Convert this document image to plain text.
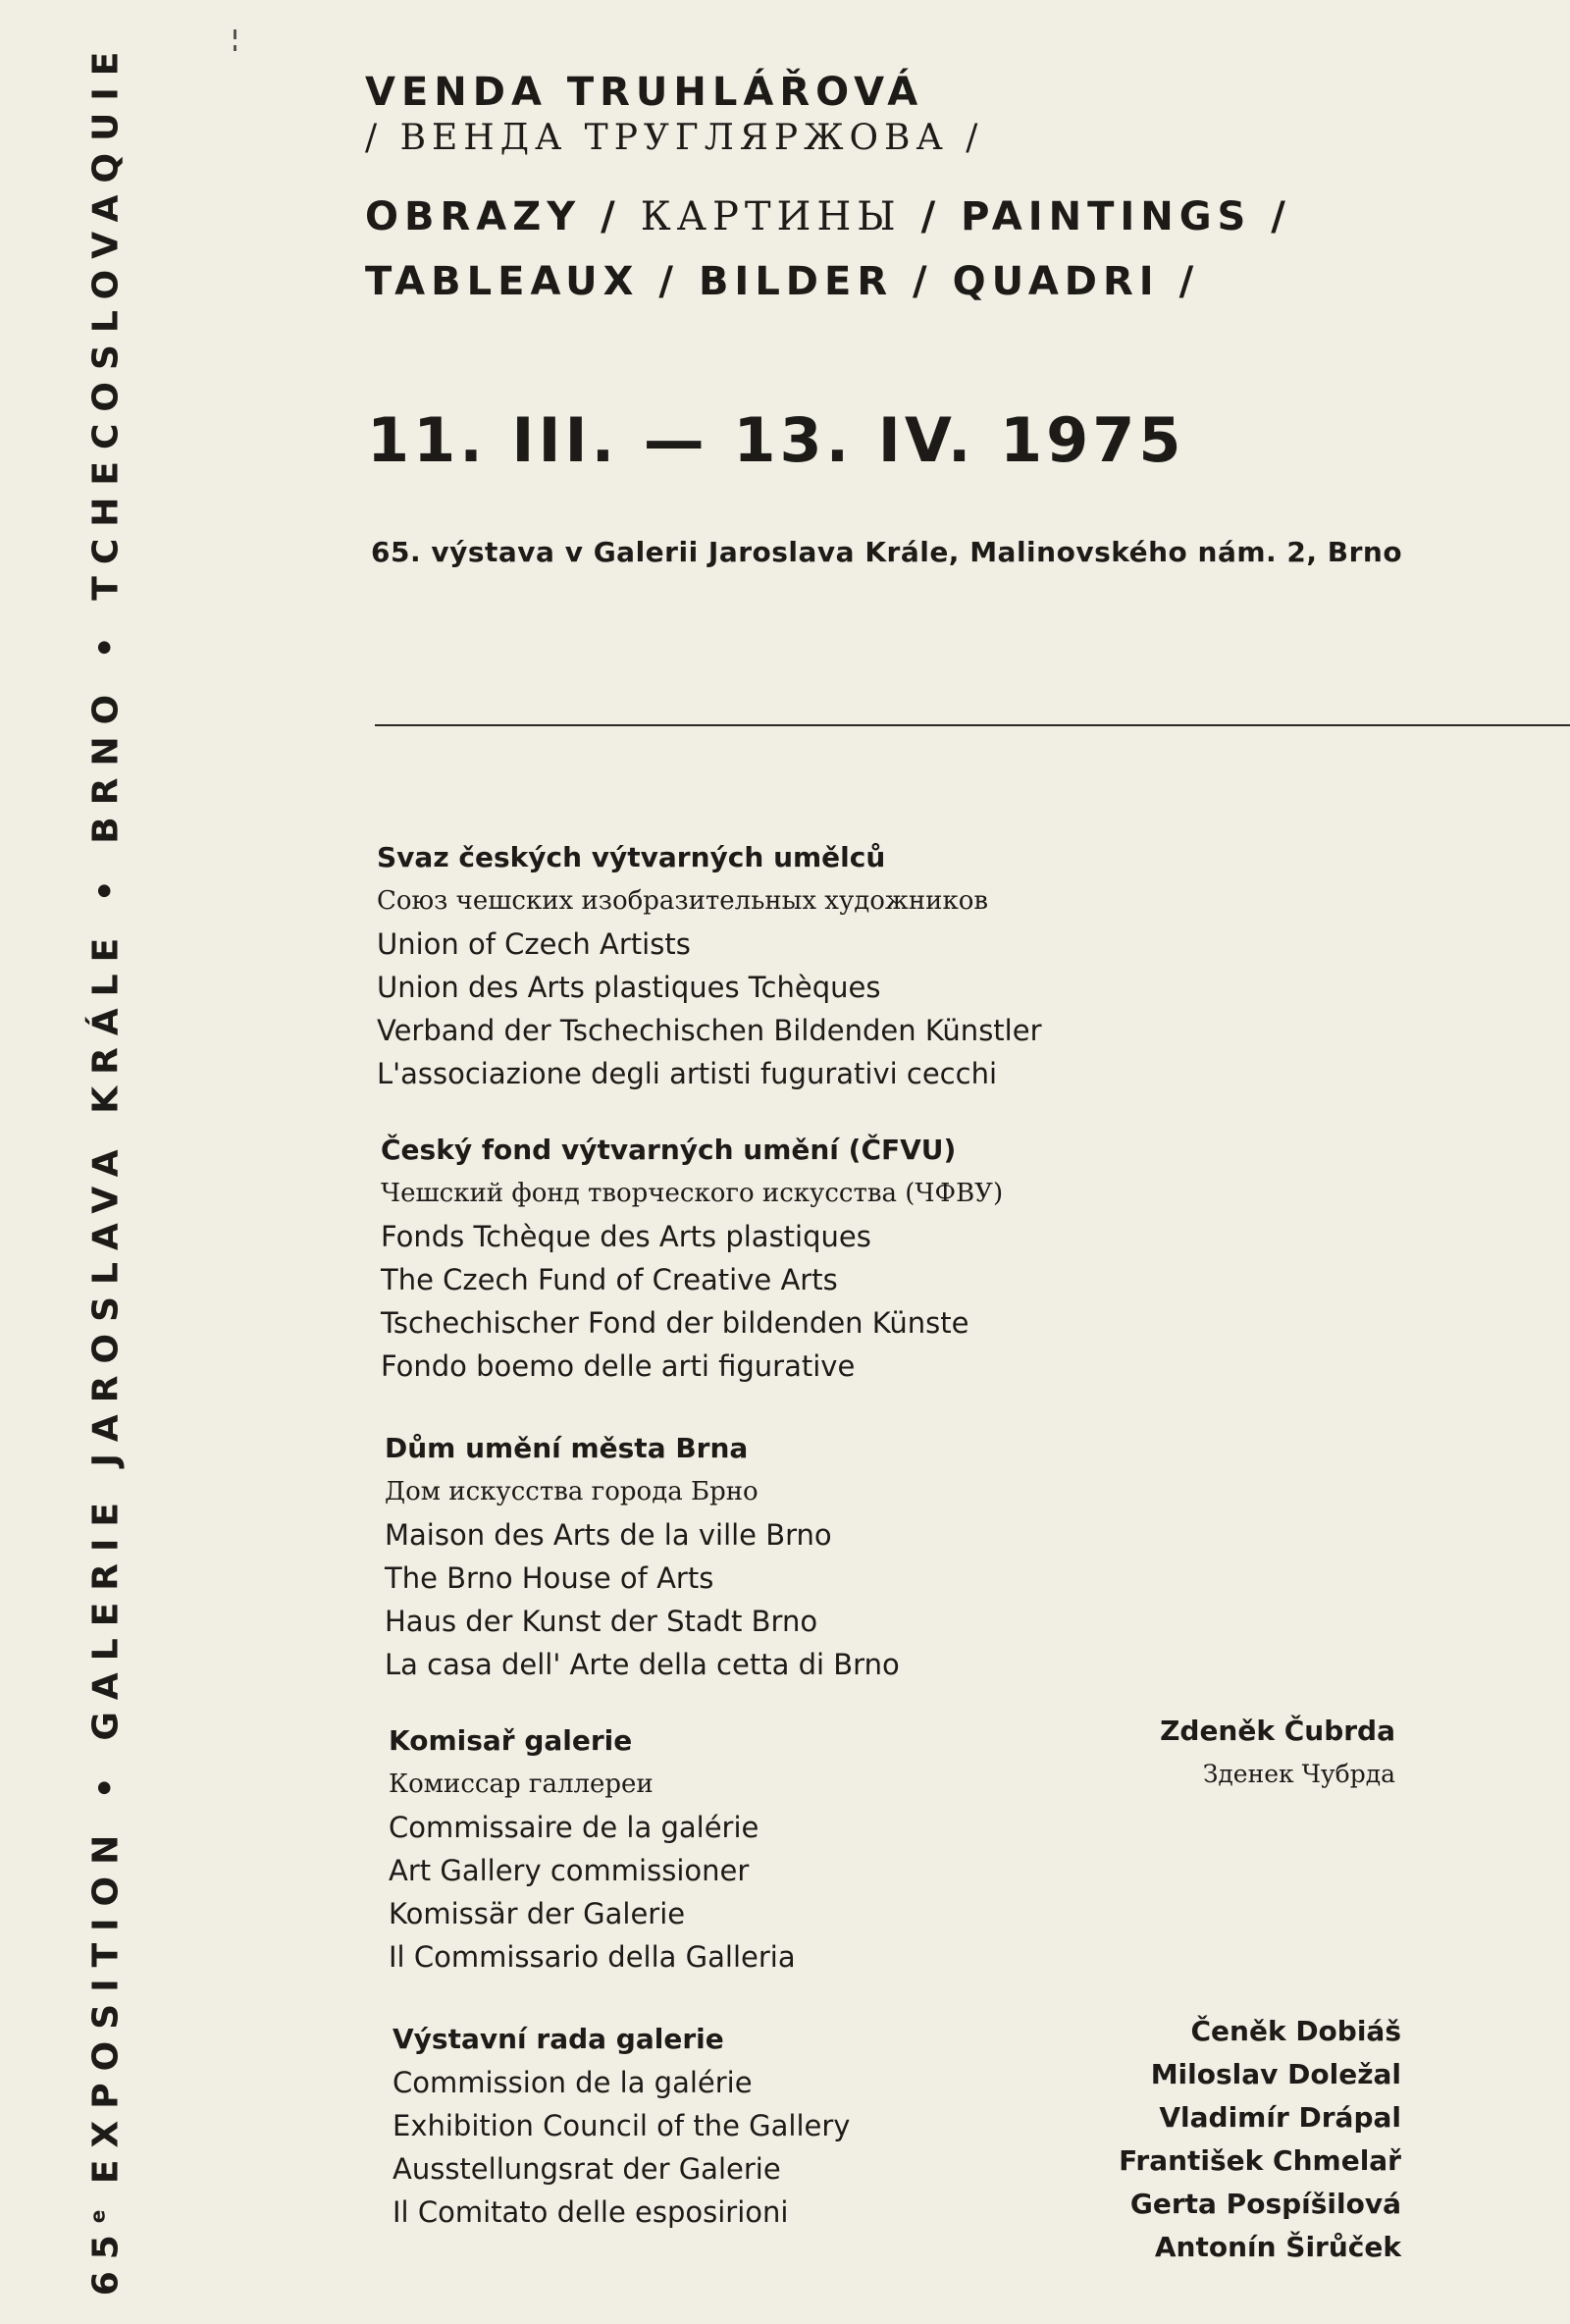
65e EXPOSITION • GALERIE JAROSLAVA KRÁLE • BRNO • TCHECOSLOVAQUIE	VENDA TRUHLÁŘOVÁ

/ ВЕНДА ТРУГЛЯРЖОВА /

OBRAZY / КАРТИНЫ / PAINTINGS /
TABLEAUX / BILDER / QUADRI /
11. III. — 13. IV. 1975
65. výstava v Galerii Jaroslava Krále, Malinovského nám. 2, Brno
Svaz českých výtvarných umělců
Союз чешских изобразительных художников
Union of Czech Artists
Union des Arts plastiques Tchèques
Verband der Tschechischen Bildenden Künstler
L'associazione degli artisti fugurativi cecchi
Český fond výtvarných umění (ČFVU)
Чешский фонд творческого искусства (ЧФВУ)
Fonds Tchèque des Arts plastiques
The Czech Fund of Creative Arts
Tschechischer Fond der bildenden Künste
Fondo boemo delle arti figurative
Dům umění města Brna
Дом искусства города Брно
Maison des Arts de la ville Brno
The Brno House of Arts
Haus der Kunst der Stadt Brno
La casa dell' Arte della cetta di Brno
Komisař galerie
Комиссар галлереи
Commissaire de la galérie
Art Gallery commissioner
Komissär der Galerie
Il Commissario della Galleria
Výstavní rada galerie
Commission de la galérie
Exhibition Council of the Gallery
Ausstellungsrat der Galerie
Il Comitato delle esposirioni
Zdeněk Čubrda
Зденек Чубрда
Čeněk Dobiáš
Miloslav Doležal
Vladimír Drápal
František Chmelař
Gerta Pospíšilová
Antonín Širůček
